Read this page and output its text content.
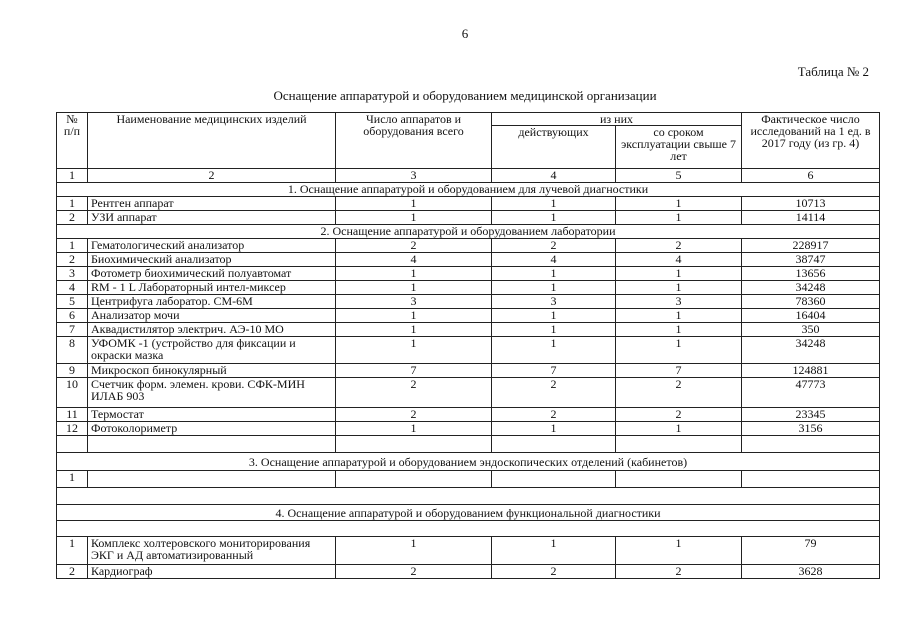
6
Таблица № 2
Оснащение аппаратурой и оборудованием медицинской организации
№ п/п	Наименование медицинских изделий	Число аппаратов и оборудования всего	из них		Фактическое число исследований на 1 ед. в 2017 году (из гр. 4)
			действующих	со сроком эксплуатации свыше 7 лет	
1	2	3	4	5	6
1. Оснащение аппаратурой и оборудованием для лучевой диагностики					
1	Рентген аппарат	1	1	1	10713
2	УЗИ аппарат	1	1	1	14114
2. Оснащение аппаратурой и оборудованием лаборатории					
1	Гематологический анализатор	2	2	2	228917
2	Биохимический анализатор	4	4	4	38747
3	Фотометр биохимический полуавтомат	1	1	1	13656
4	RM - 1 L Лабораторный интел-миксер	1	1	1	34248
5	Центрифуга лаборатор. СМ-6М	3	3	3	78360
6	Анализатор мочи	1	1	1	16404
7	Аквадистилятор электрич. АЭ-10 МО	1	1	1	350
8	УФОМК -1 (устройство для фиксации и окраски мазка	1	1	1	34248
9	Микроскоп бинокулярный	7	7	7	124881
10	Счетчик форм. элемен. крови. СФК-МИН ИЛАБ 903	2	2	2	47773
11	Термостат	2	2	2	23345
12	Фотоколориметр	1	1	1	3156

3. Оснащение аппаратурой и оборудованием эндоскопических отделений (кабинетов)					
1					

4. Оснащение аппаратурой и оборудованием функциональной диагностики					

1	Комплекс холтеровского мониторирования ЭКГ и АД автоматизированный	1	1	1	79
2	Кардиограф	2	2	2	3628
